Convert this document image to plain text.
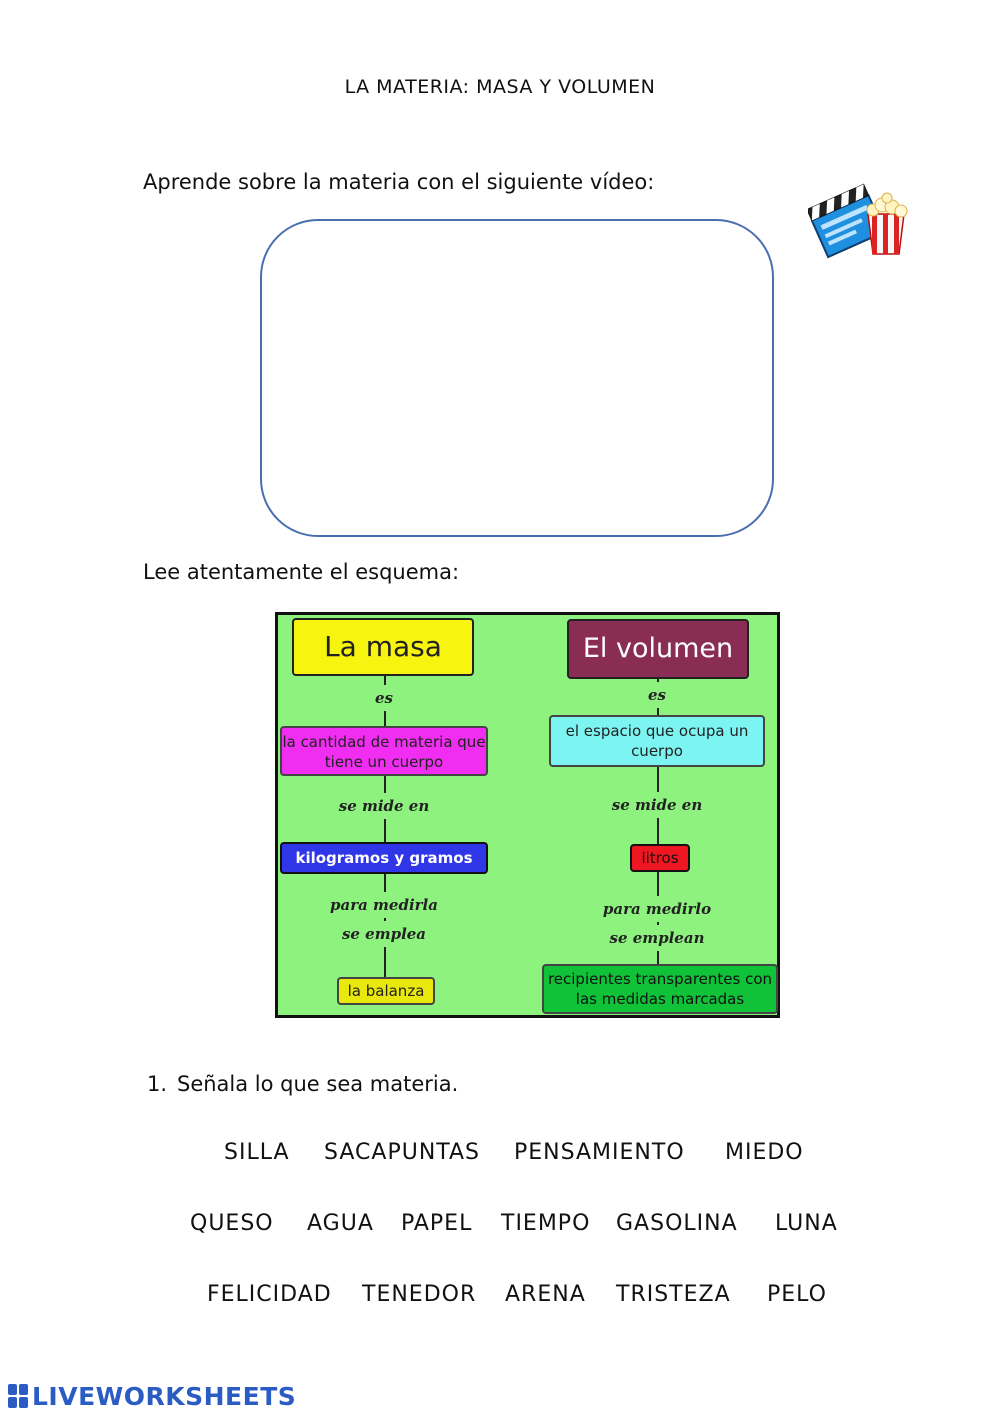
LA MATERIA: MASA Y VOLUMEN
Aprende sobre la materia con el siguiente vídeo:
Lee atentamente el esquema:
La masa	El volumen
es	es
la cantidad de materia que tiene un cuerpo
el espacio que ocupa un cuerpo
se mide en	se mide en
kilogramos y gramos	litros
para medirla
se emplea
para medirlo
se emplean
la balanza
recipientes transparentes con las medidas marcadas
1. Señala lo que sea materia.
SILLA SACAPUNTAS PENSAMIENTO MIEDO
QUESO AGUA PAPEL TIEMPO GASOLINA LUNA
FELICIDAD TENEDOR ARENA TRISTEZA PELO
LIVEWORKSHEETS
